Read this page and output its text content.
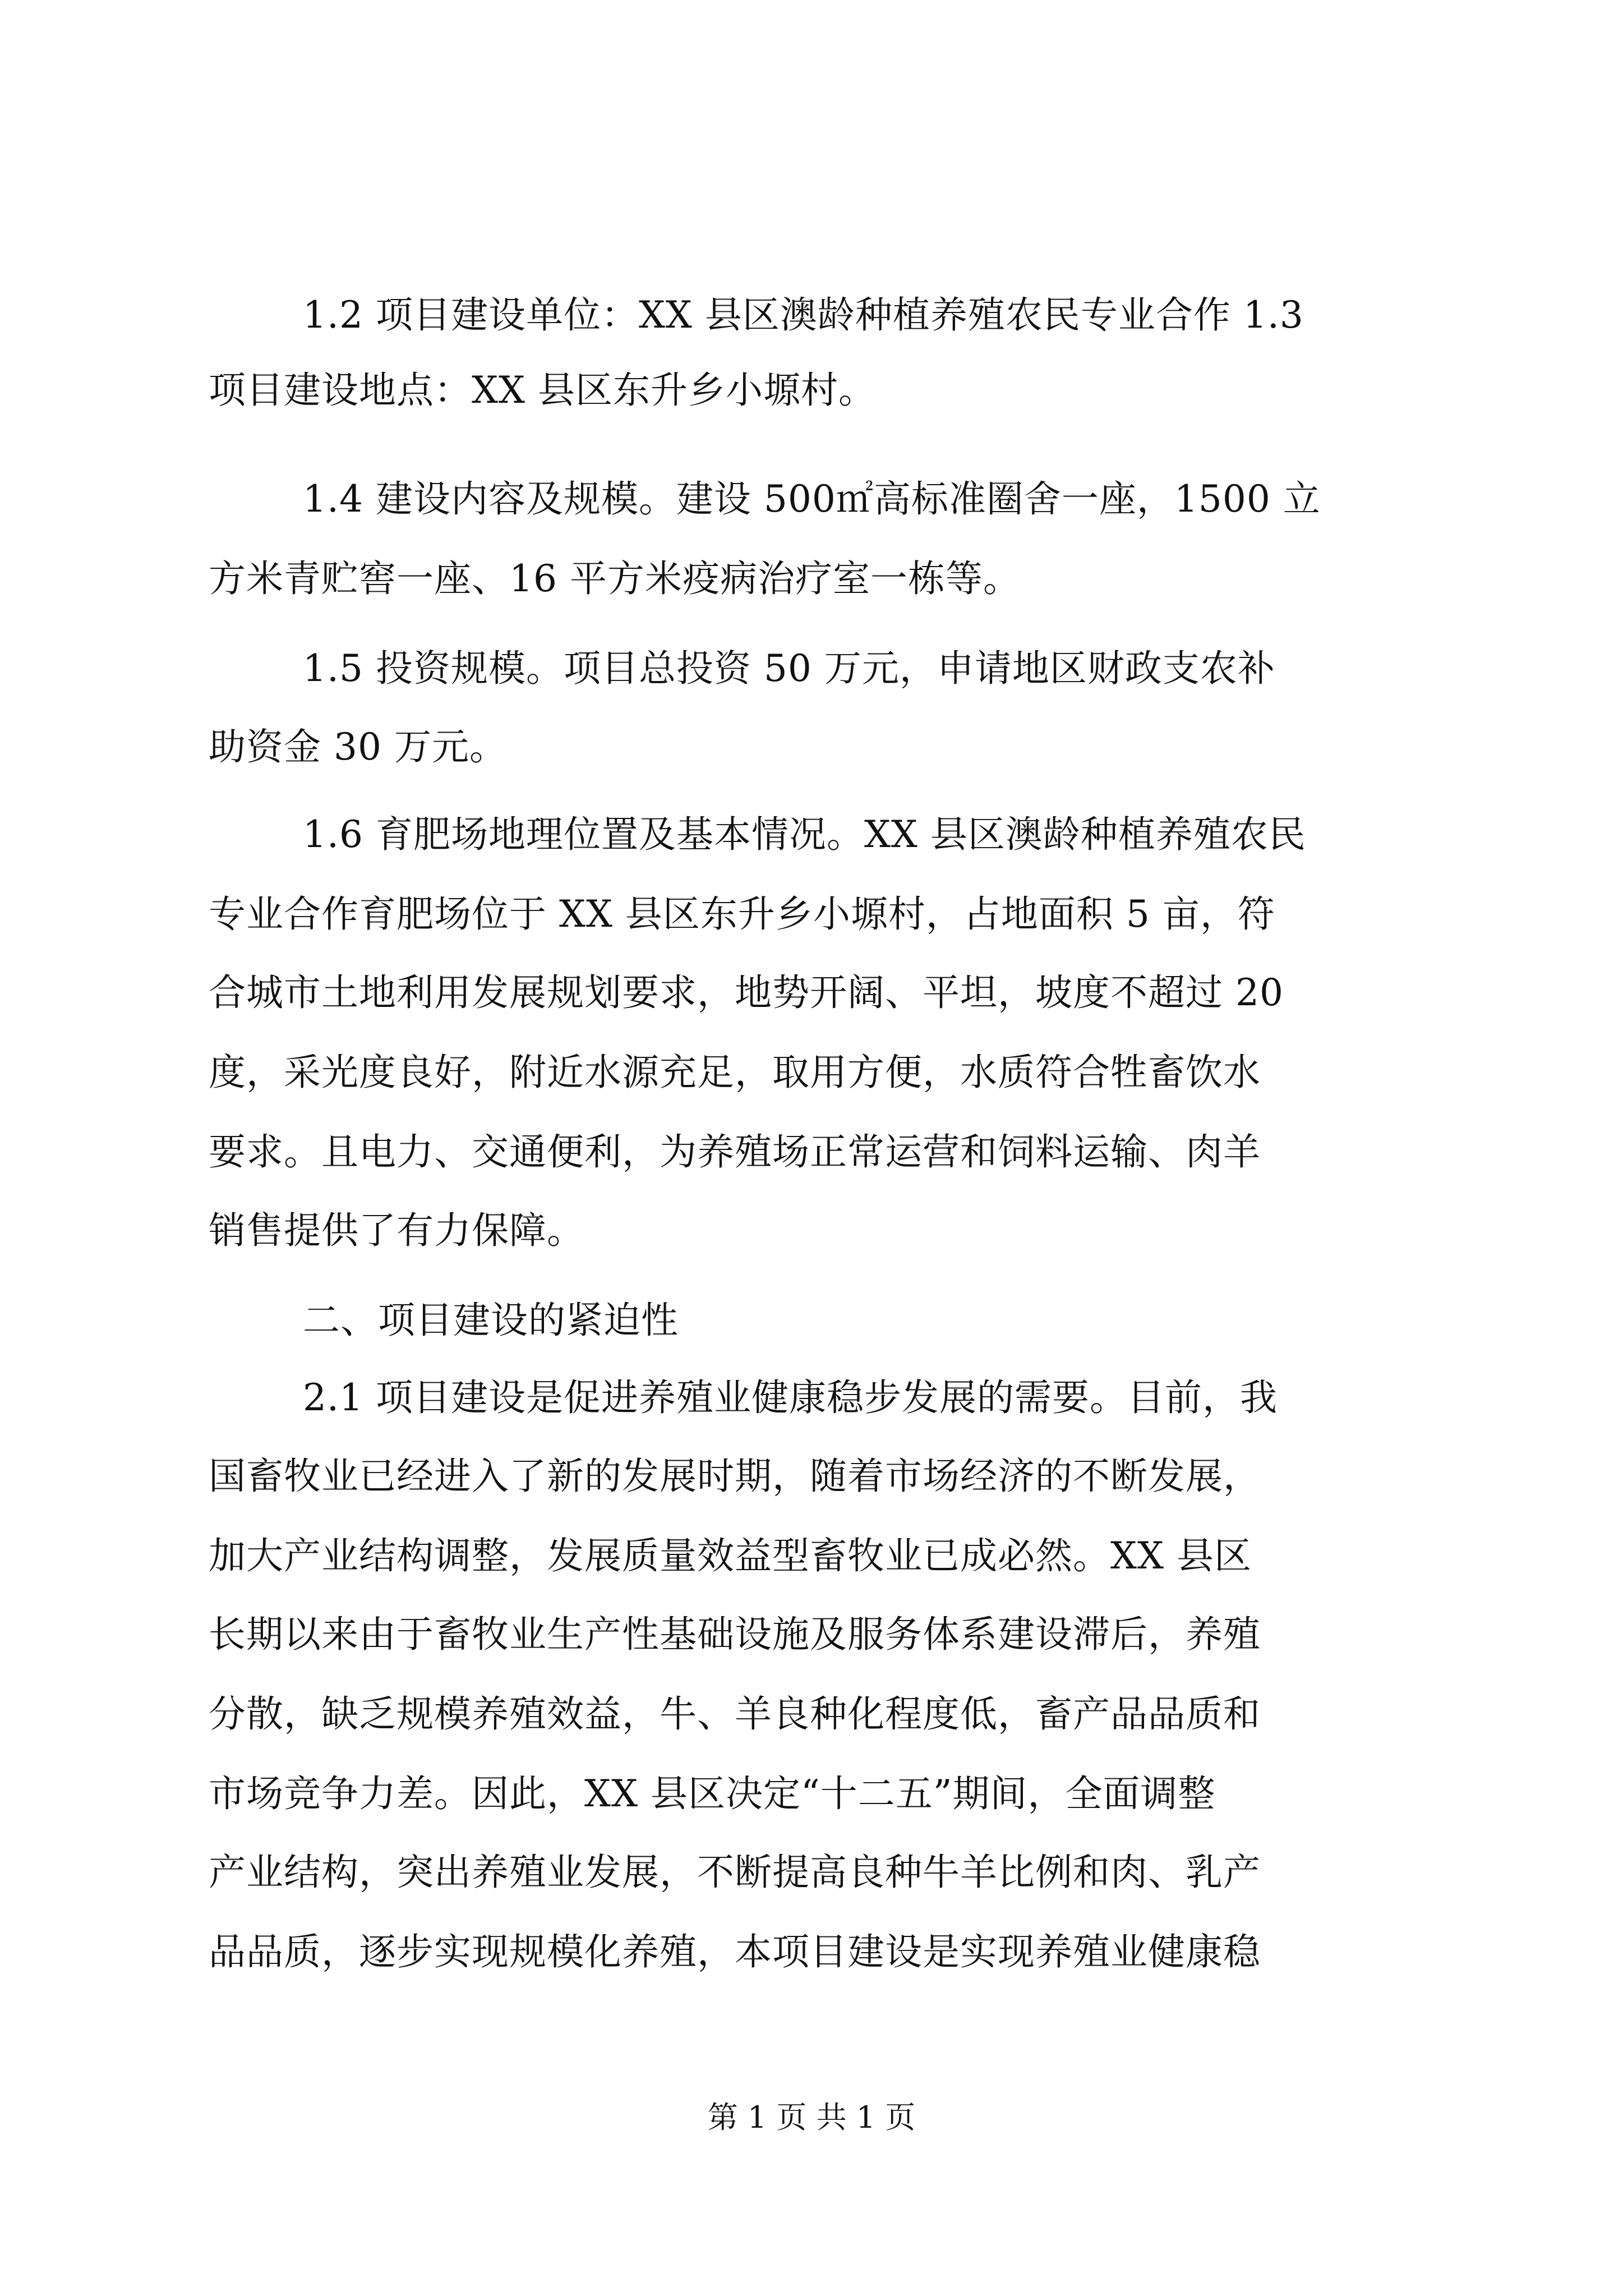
1.2 项目建设单位：XX 县区澳龄种植养殖农民专业合作 1.3
项目建设地点：XX 县区东升乡小塬村。
1.4 建设内容及规模。建设 500㎡高标准圈舍一座，1500 立
方米青贮窖一座、16 平方米疫病治疗室一栋等。
1.5 投资规模。项目总投资 50 万元，申请地区财政支农补
助资金 30 万元。
1.6 育肥场地理位置及基本情况。XX 县区澳龄种植养殖农民
专业合作育肥场位于 XX 县区东升乡小塬村，占地面积 5 亩，符
合城市土地利用发展规划要求，地势开阔、平坦，坡度不超过 20
度，采光度良好，附近水源充足，取用方便，水质符合牲畜饮水
要求。且电力、交通便利，为养殖场正常运营和饲料运输、肉羊
销售提供了有力保障。
二、项目建设的紧迫性
2.1 项目建设是促进养殖业健康稳步发展的需要。目前，我
国畜牧业已经进入了新的发展时期，随着市场经济的不断发展，
加大产业结构调整，发展质量效益型畜牧业已成必然。XX 县区
长期以来由于畜牧业生产性基础设施及服务体系建设滞后，养殖
分散，缺乏规模养殖效益，牛、羊良种化程度低，畜产品品质和
市场竞争力差。因此，XX 县区决定“十二五”期间，全面调整
产业结构，突出养殖业发展，不断提高良种牛羊比例和肉、乳产
品品质，逐步实现规模化养殖，本项目建设是实现养殖业健康稳
第 1 页 共 1 页
